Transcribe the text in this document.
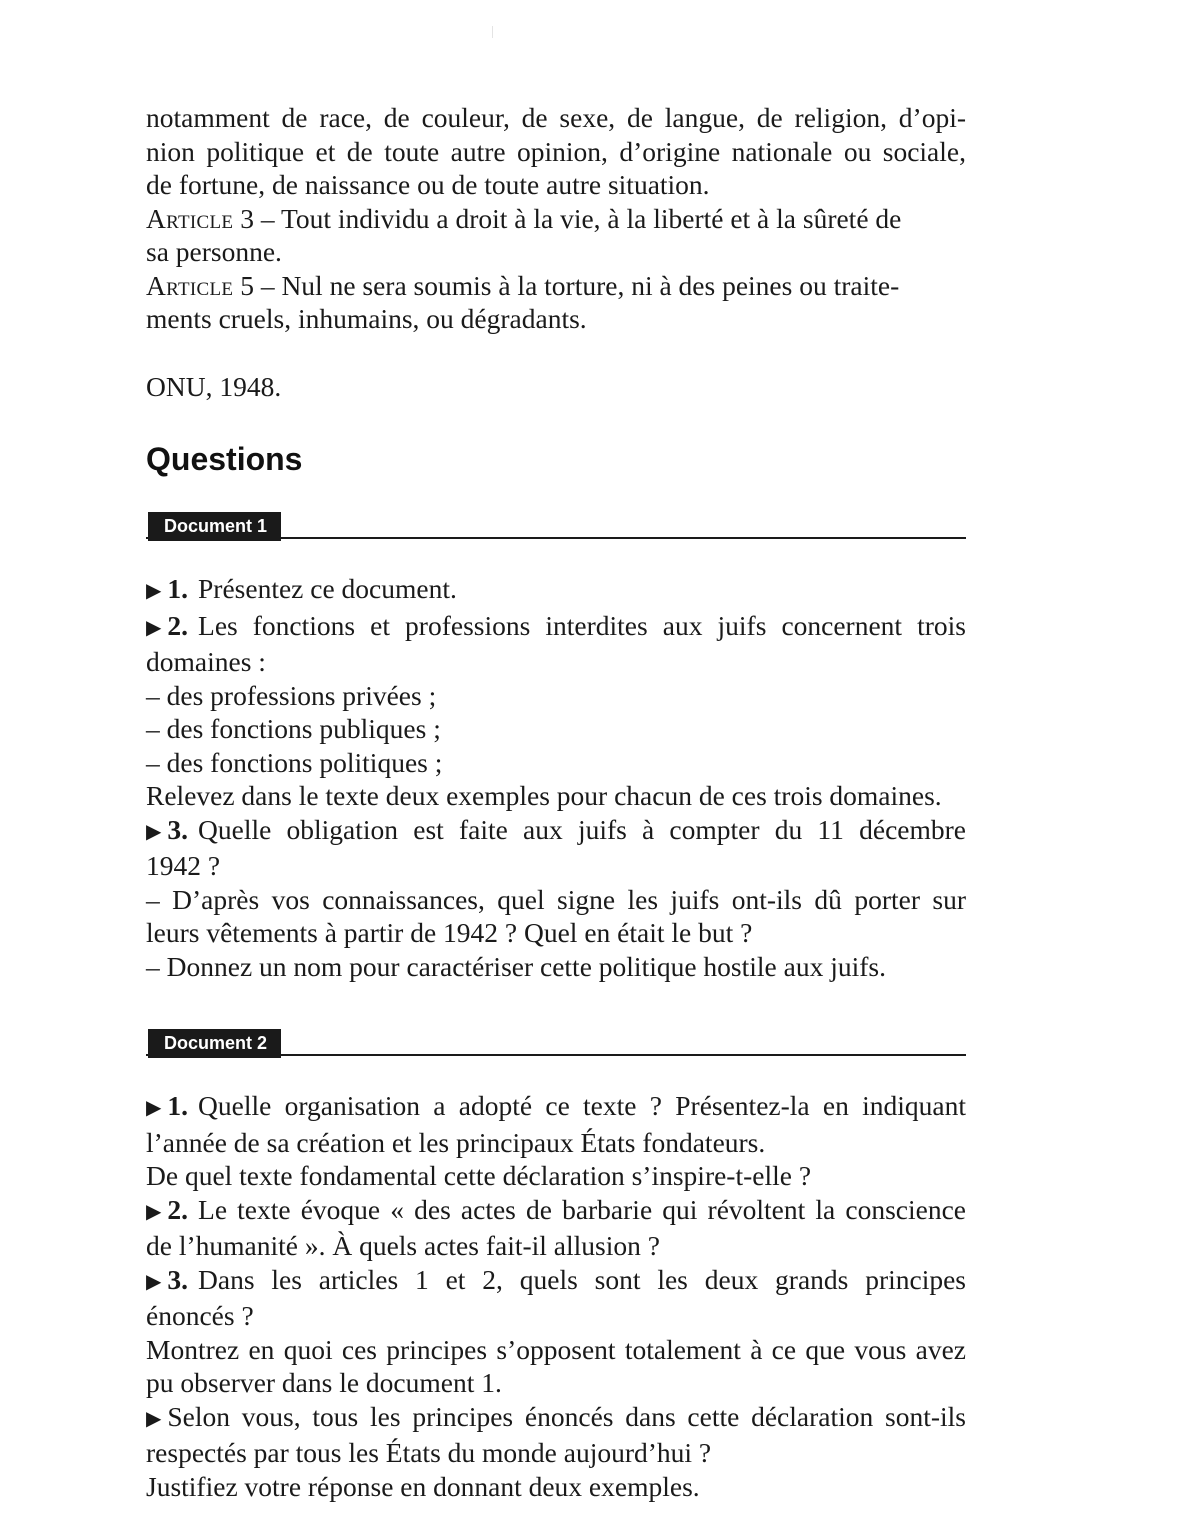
notamment de race, de couleur, de sexe, de langue, de religion, d’opi-
nion politique et de toute autre opinion, d’origine nationale ou sociale,
de fortune, de naissance ou de toute autre situation.
Article 3 – Tout individu a droit à la vie, à la liberté et à la sûreté de
sa personne.
Article 5 – Nul ne sera soumis à la torture, ni à des peines ou traite-
ments cruels, inhumains, ou dégradants.
ONU, 1948.
Questions
Document 1
▶ 1. Présentez ce document.
▶ 2. Les fonctions et professions interdites aux juifs concernent trois
domaines :
– des professions privées ;
– des fonctions publiques ;
– des fonctions politiques ;
Relevez dans le texte deux exemples pour chacun de ces trois domaines.
▶ 3. Quelle obligation est faite aux juifs à compter du 11 décembre
1942 ?
– D’après vos connaissances, quel signe les juifs ont-ils dû porter sur
leurs vêtements à partir de 1942 ? Quel en était le but ?
– Donnez un nom pour caractériser cette politique hostile aux juifs.
Document 2
▶ 1. Quelle organisation a adopté ce texte ? Présentez-la en indiquant
l’année de sa création et les principaux États fondateurs.
De quel texte fondamental cette déclaration s’inspire-t-elle ?
▶ 2. Le texte évoque « des actes de barbarie qui révoltent la conscience
de l’humanité ». À quels actes fait-il allusion ?
▶ 3. Dans les articles 1 et 2, quels sont les deux grands principes
énoncés ?
Montrez en quoi ces principes s’opposent totalement à ce que vous avez
pu observer dans le document 1.
▶ Selon vous, tous les principes énoncés dans cette déclaration sont-ils
respectés par tous les États du monde aujourd’hui ?
Justifiez votre réponse en donnant deux exemples.
